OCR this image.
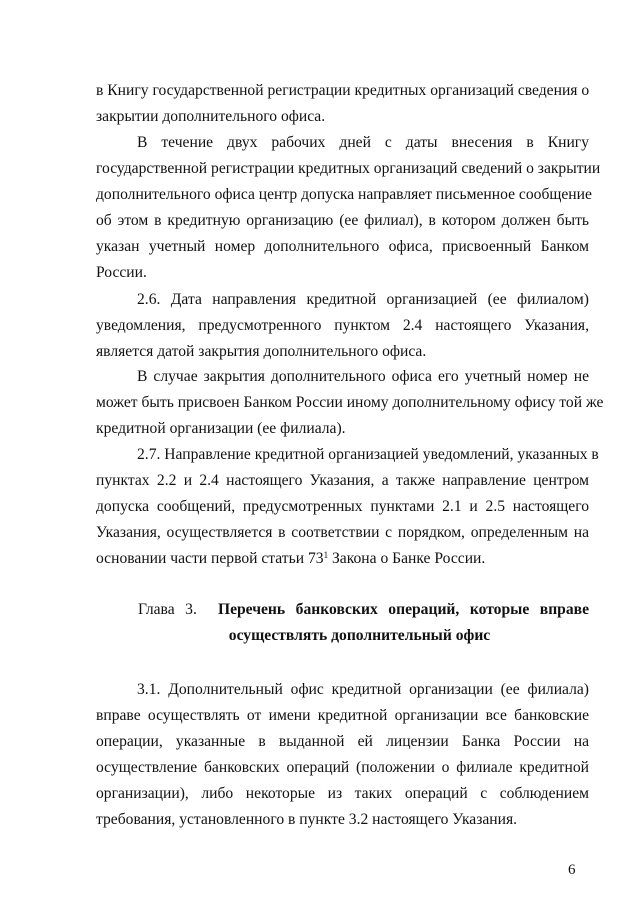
в Книгу государственной регистрации кредитных организаций сведения о
закрытии дополнительного офиса.
В течение двух рабочих дней с даты внесения в Книгу
государственной регистрации кредитных организаций сведений о закрытии
дополнительного офиса центр допуска направляет письменное сообщение
об этом в кредитную организацию (ее филиал), в котором должен быть
указан учетный номер дополнительного офиса, присвоенный Банком
России.
2.6. Дата направления кредитной организацией (ее филиалом)
уведомления, предусмотренного пунктом 2.4 настоящего Указания,
является датой закрытия дополнительного офиса.
В случае закрытия дополнительного офиса его учетный номер не
может быть присвоен Банком России иному дополнительному офису той же
кредитной организации (ее филиала).
2.7. Направление кредитной организацией уведомлений, указанных в
пунктах 2.2 и 2.4 настоящего Указания, а также направление центром
допуска сообщений, предусмотренных пунктами 2.1 и 2.5 настоящего
Указания, осуществляется в соответствии с порядком, определенным на
основании части первой статьи $73^1$ Закона о Банке России.
Глава 3. Перечень банковских операций, которые вправе
осуществлять дополнительный офис
3.1. Дополнительный офис кредитной организации (ее филиала)
вправе осуществлять от имени кредитной организации все банковские
операции, указанные в выданной ей лицензии Банка России на
осуществление банковских операций (положении о филиале кредитной
организации), либо некоторые из таких операций с соблюдением
требования, установленного в пункте 3.2 настоящего Указания.
6
